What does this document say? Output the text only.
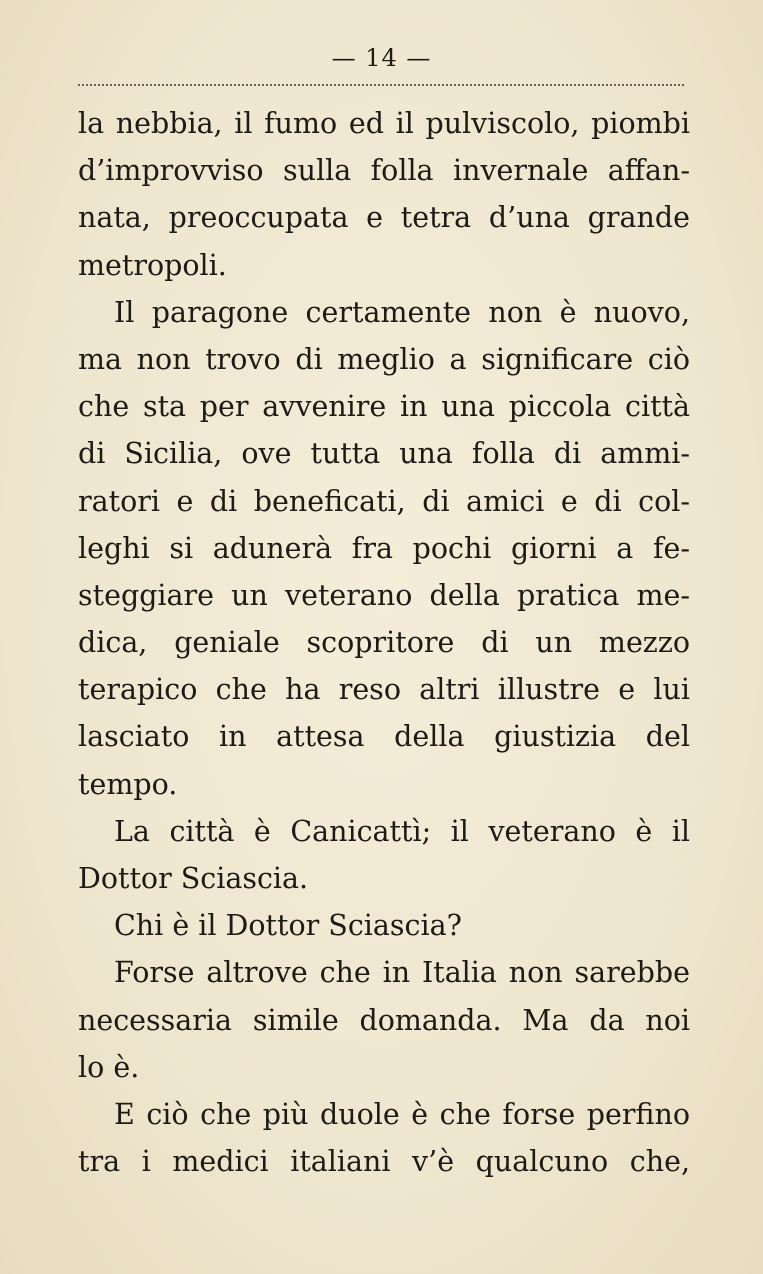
— 14 —
la nebbia, il fumo ed il pulviscolo, piombi
d’improvviso sulla folla invernale affan-
nata, preoccupata e tetra d’una grande
metropoli.
Il paragone certamente non è nuovo,
ma non trovo di meglio a significare ciò
che sta per avvenire in una piccola città
di Sicilia, ove tutta una folla di ammi-
ratori e di beneficati, di amici e di col-
leghi si adunerà fra pochi giorni a fe-
steggiare un veterano della pratica me-
dica, geniale scopritore di un mezzo
terapico che ha reso altri illustre e lui
lasciato in attesa della giustizia del
tempo.
La città è Canicattì; il veterano è il
Dottor Sciascia.
Chi è il Dottor Sciascia?
Forse altrove che in Italia non sarebbe
necessaria simile domanda. Ma da noi
lo è.
E ciò che più duole è che forse perfino
tra i medici italiani v’è qualcuno che,
